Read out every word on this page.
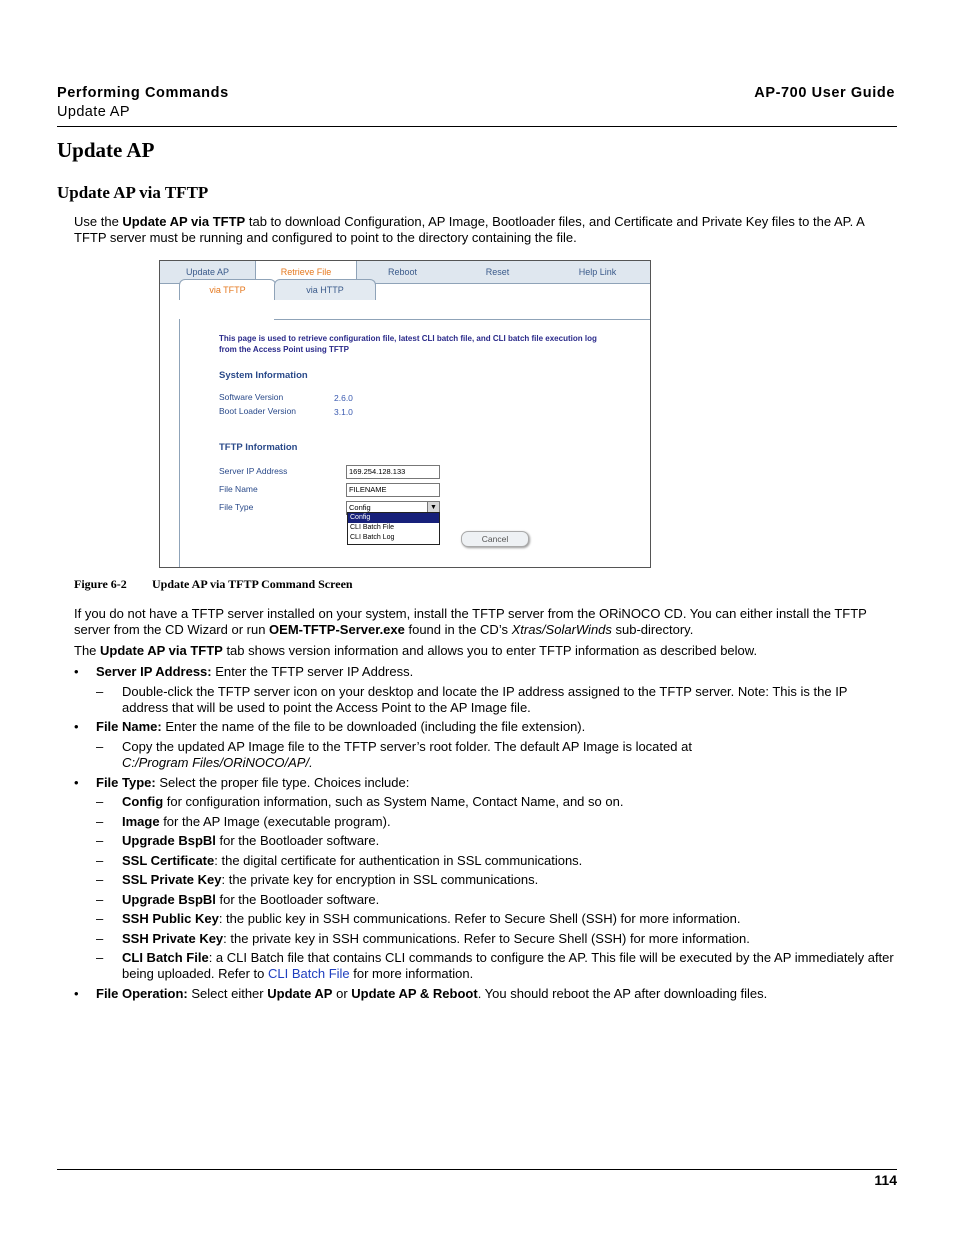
Performing Commands
Update AP
AP-700 User Guide
Update AP
Update AP via TFTP
Use the Update AP via TFTP tab to download Configuration, AP Image, Bootloader files, and Certificate and Private Key files to the AP. A TFTP server must be running and configured to point to the directory containing the file.
Update AP	Retrieve File	Reboot	Reset	Help Link
via TFTP	via HTTP
This page is used to retrieve configuration file, latest CLI batch file, and CLI batch file execution log from the Access Point using TFTP
System Information
Software Version	2.6.0
Boot Loader Version	3.1.0
TFTP Information
Server IP Address	169.254.128.133
File Name	FILENAME
File Type	Config	▼
Config
CLI Batch File
CLI Batch Log	Cancel
Figure 6-2 Update AP via TFTP Command Screen
If you do not have a TFTP server installed on your system, install the TFTP server from the ORiNOCO CD. You can either install the TFTP server from the CD Wizard or run OEM-TFTP-Server.exe found in the CD’s Xtras/SolarWinds sub-directory.
The Update AP via TFTP tab shows version information and allows you to enter TFTP information as described below.
• Server IP Address: Enter the TFTP server IP Address.
– Double-click the TFTP server icon on your desktop and locate the IP address assigned to the TFTP server. Note: This is the IP address that will be used to point the Access Point to the AP Image file.
• File Name: Enter the name of the file to be downloaded (including the file extension).
– Copy the updated AP Image file to the TFTP server’s root folder. The default AP Image is located at
C:/Program Files/ORiNOCO/AP/.
• File Type: Select the proper file type. Choices include:
– Config for configuration information, such as System Name, Contact Name, and so on.
– Image for the AP Image (executable program).
– Upgrade BspBl for the Bootloader software.
– SSL Certificate: the digital certificate for authentication in SSL communications.
– SSL Private Key: the private key for encryption in SSL communications.
– Upgrade BspBl for the Bootloader software.
– SSH Public Key: the public key in SSH communications. Refer to Secure Shell (SSH) for more information.
– SSH Private Key: the private key in SSH communications. Refer to Secure Shell (SSH) for more information.
– CLI Batch File: a CLI Batch file that contains CLI commands to configure the AP. This file will be executed by the AP immediately after being uploaded. Refer to CLI Batch File for more information.
• File Operation: Select either Update AP or Update AP & Reboot. You should reboot the AP after downloading files.
114
